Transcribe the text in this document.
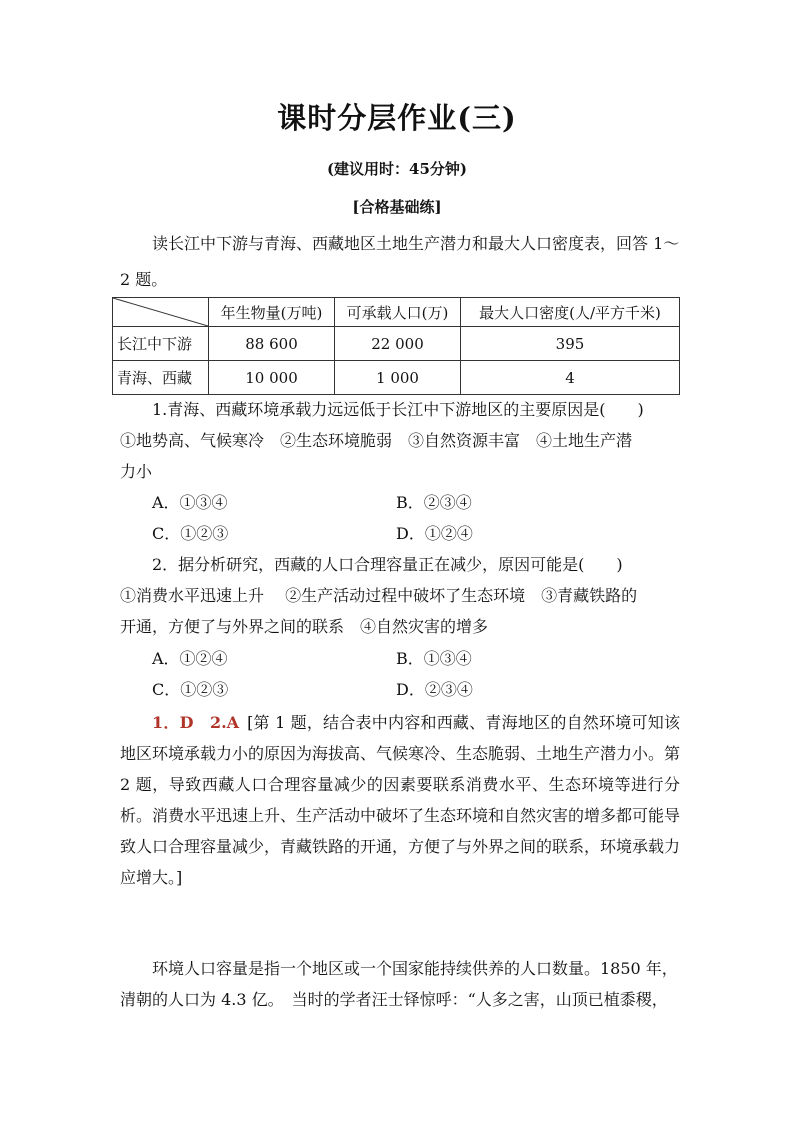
课时分层作业(三)
(建议用时：45分钟)
[合格基础练]
读长江中下游与青海、西藏地区土地生产潜力和最大人口密度表，回答 1～
2 题。
	年生物量(万吨)	可承载人口(万)	最大人口密度(人/平方千米)
长江中下游	88 600	22 000	395
青海、西藏	10 000	1 000	4
1.青海、西藏环境承载力远远低于长江中下游地区的主要原因是(　　)
①地势高、气候寒冷　②生态环境脆弱　③自然资源丰富　④土地生产潜
力小
A．①③④	B．②③④
C．①②③	D．①②④
2．据分析研究，西藏的人口合理容量正在减少，原因可能是(　　)
①消费水平迅速上升　 ②生产活动过程中破坏了生态环境　③青藏铁路的
开通，方便了与外界之间的联系　④自然灾害的增多
A．①②④	B．①③④
C．①②③	D．②③④
1．D　2.A  [第 1 题，结合表中内容和西藏、青海地区的自然环境可知该地区环境承载力小的原因为海拔高、气候寒冷、生态脆弱、土地生产潜力小。第 2 题，导致西藏人口合理容量减少的因素要联系消费水平、生态环境等进行分析。消费水平迅速上升、生产活动中破坏了生态环境和自然灾害的增多都可能导致人口合理容量减少，青藏铁路的开通，方便了与外界之间的联系，环境承载力应增大。]
环境人口容量是指一个地区或一个国家能持续供养的人口数量。1850 年，清朝的人口为 4.3 亿。　当时的学者汪士铎惊呼：“人多之害，山顶已植黍稷，
